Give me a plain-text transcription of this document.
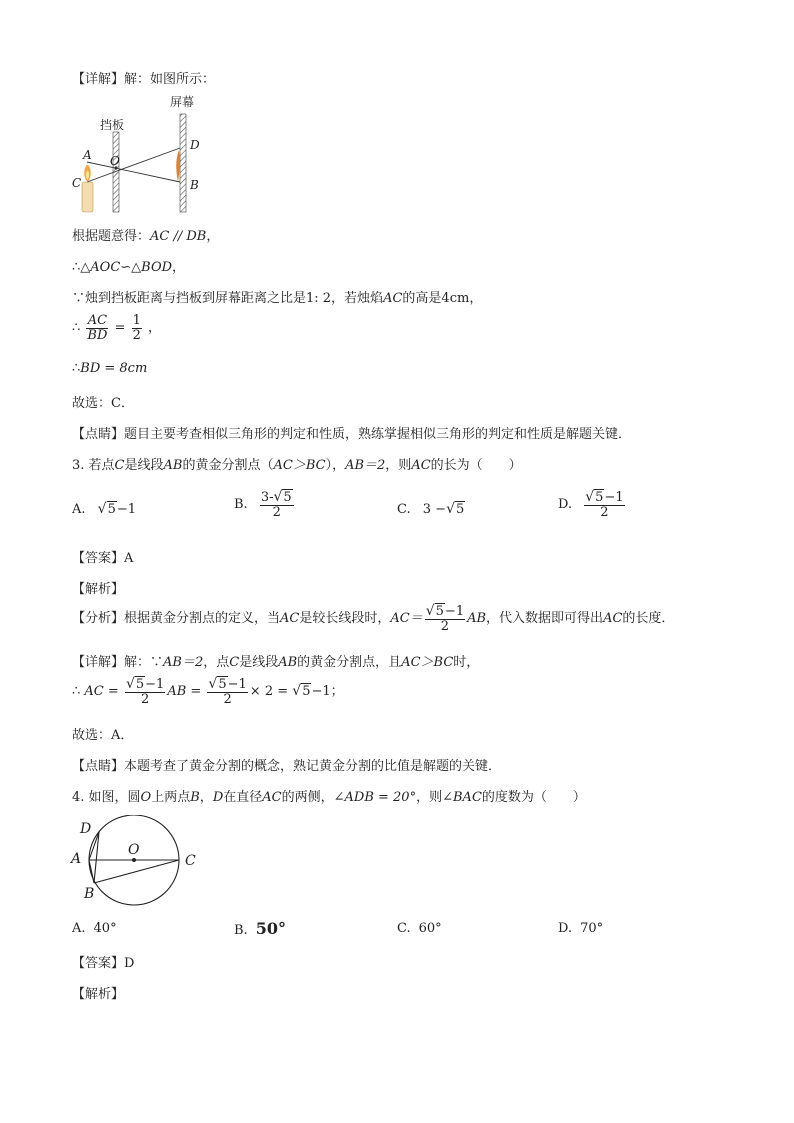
【详解】解：如图所示：
屏幕
挡板
A O
C
D
B
根据题意得：AC // DB，
∴△AOC∽△BOD，
∵烛到挡板距离与挡板到屏幕距离之比是1: 2，若烛焰AC的高是4cm，
∴ $\frac{AC}{BD} = \frac{1}{2}$ ，
∴BD = 8cm
故选：C．
【点睛】题目主要考查相似三角形的判定和性质，熟练掌握相似三角形的判定和性质是解题关键．
3. 若点C是线段AB的黄金分割点（AC＞BC），AB＝2，则AC的长为（　　）
A. √5−1	B. $\frac{3-√5}{2}$	C. 3 −√5	D. $\frac{√5-1}{2}$
【答案】A
【解析】
【分析】根据黄金分割点的定义，当AC是较长线段时，$AC= \frac{√5-1}{2}$ AB，代入数据即可得出AC的长度．
【详解】解：∵AB＝2，点C是线段AB的黄金分割点，且AC＞BC时，
∴ AC = $\frac{√5-1}{2}$ AB = $\frac{√5-1}{2} \times 2 = √5-1$；
故选：A．
【点睛】本题考查了黄金分割的概念，熟记黄金分割的比值是解题的关键．
4. 如图，圆O上两点B，D在直径AC的两侧，∠ADB = 20°，则∠BAC的度数为（　　）
D
A
O
C
B
A. 40°	B. 50°	C. 60°	D. 70°
【答案】D
【解析】
